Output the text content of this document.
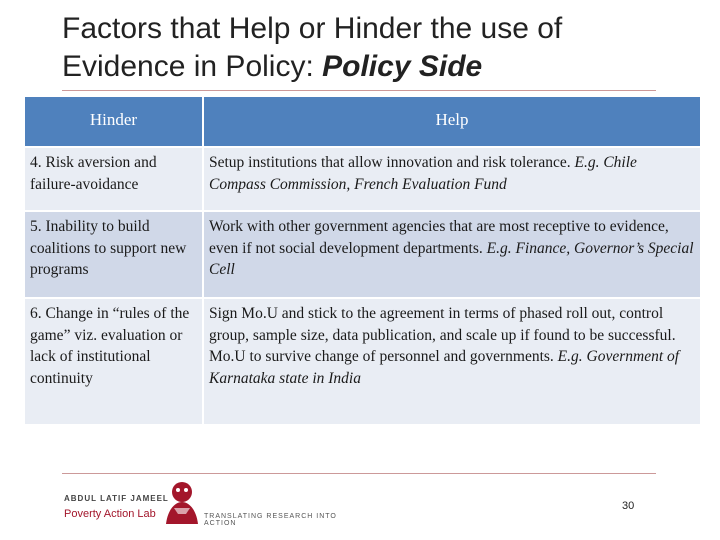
Factors that Help or Hinder the use of
Evidence in Policy: Policy Side
Hinder	Help
4. Risk aversion and failure-avoidance	Setup institutions that allow innovation and risk tolerance. E.g. Chile Compass Commission, French Evaluation Fund
5. Inability to build coalitions to support new programs	Work with other government agencies that are most receptive to evidence, even if not social development departments. E.g. Finance, Governor’s Special Cell
6. Change in “rules of the game” viz. evaluation or lack of institutional continuity	Sign Mo.U and stick to the agreement in terms of phased roll out, control group, sample size, data publication, and scale up if found to be successful. Mo.U to survive change of personnel and governments. E.g. Government of Karnataka state in India
ABDUL LATIF JAMEEL
Poverty Action Lab	TRANSLATING RESEARCH INTO ACTION
30
